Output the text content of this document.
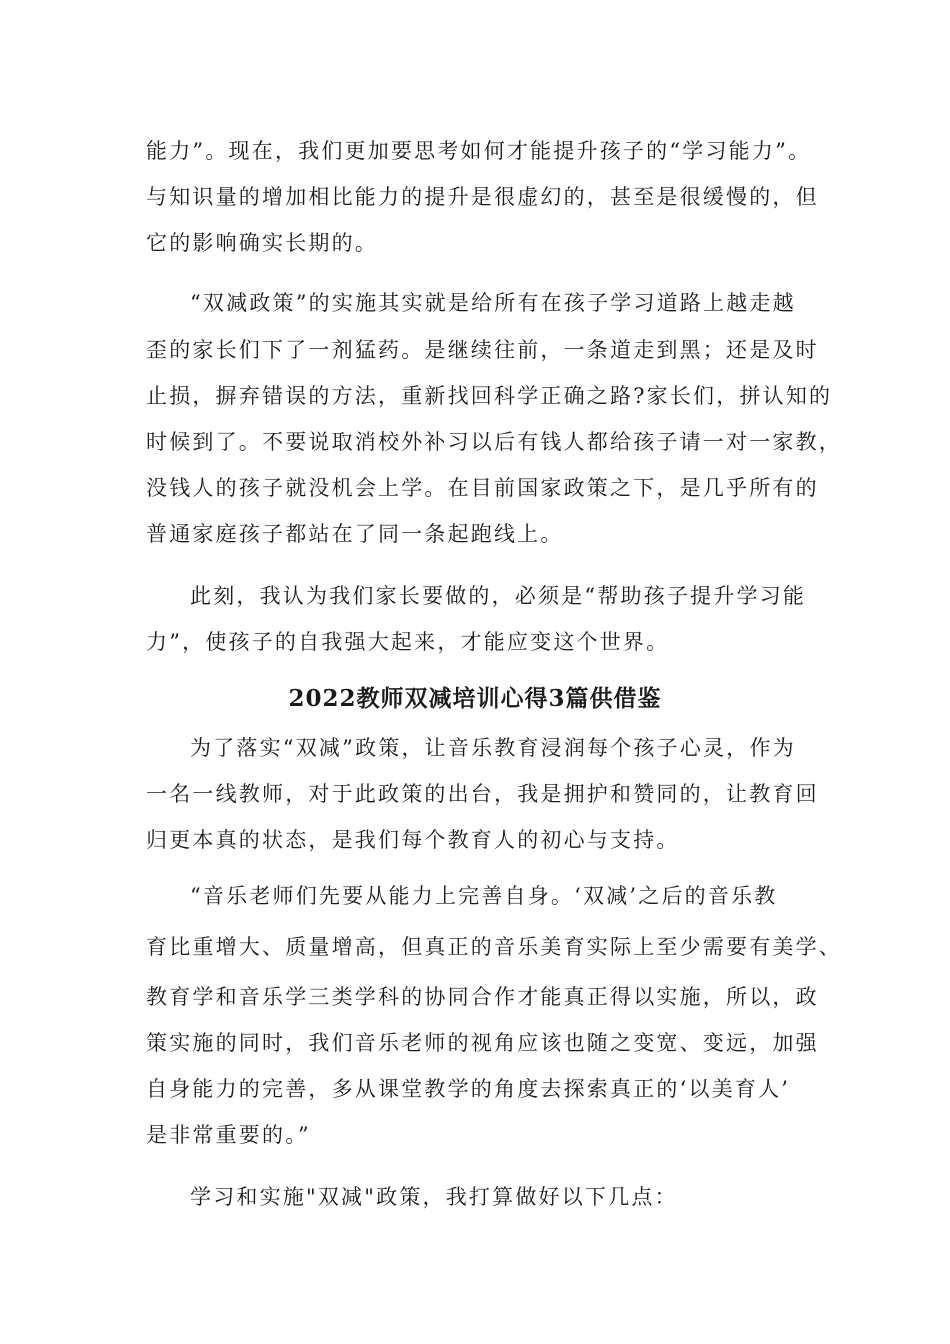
能力”。现在，我们更加要思考如何才能提升孩子的“学习能力”。
与知识量的增加相比能力的提升是很虚幻的，甚至是很缓慢的，但
它的影响确实长期的。
“双减政策”的实施其实就是给所有在孩子学习道路上越走越
歪的家长们下了一剂猛药。是继续往前，一条道走到黑；还是及时
止损，摒弃错误的方法，重新找回科学正确之路?家长们，拼认知的
时候到了。不要说取消校外补习以后有钱人都给孩子请一对一家教，
没钱人的孩子就没机会上学。在目前国家政策之下，是几乎所有的
普通家庭孩子都站在了同一条起跑线上。
此刻，我认为我们家长要做的，必须是“帮助孩子提升学习能
力”，使孩子的自我强大起来，才能应变这个世界。
2022教师双减培训心得3篇供借鉴
为了落实“双减”政策，让音乐教育浸润每个孩子心灵，作为
一名一线教师，对于此政策的出台，我是拥护和赞同的，让教育回
归更本真的状态，是我们每个教育人的初心与支持。
“音乐老师们先要从能力上完善自身。‘双减’之后的音乐教
育比重增大、质量增高，但真正的音乐美育实际上至少需要有美学、
教育学和音乐学三类学科的协同合作才能真正得以实施，所以，政
策实施的同时，我们音乐老师的视角应该也随之变宽、变远，加强
自身能力的完善，多从课堂教学的角度去探索真正的‘以美育人’
是非常重要的。”
学习和实施"双减"政策，我打算做好以下几点：
